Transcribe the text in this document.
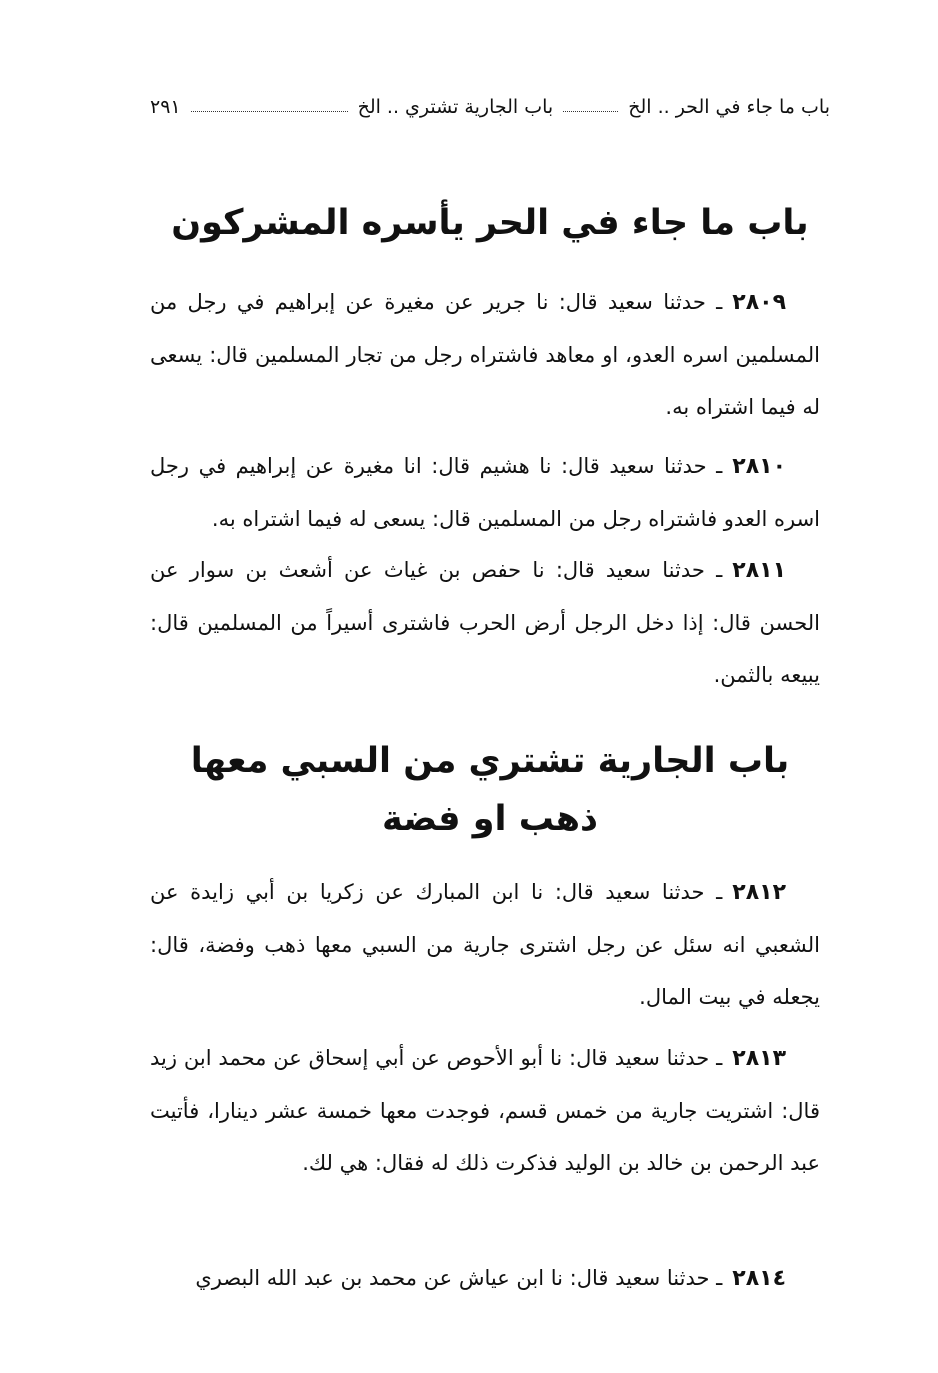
باب ما جاء في الحر .. الخ
باب الجارية تشتري .. الخ
٢٩١
باب ما جاء في الحر يأسره المشركون
٢٨٠٩ـ حدثنا سعيد قال: نا جرير عن مغيرة عن إبراهيم في رجل من المسلمين اسره العدو، او معاهد فاشتراه رجل من تجار المسلمين قال: يسعى له فيما اشتراه به.
٢٨١٠ـ حدثنا سعيد قال: نا هشيم قال: انا مغيرة عن إبراهيم في رجل اسره العدو فاشتراه رجل من المسلمين قال: يسعى له فيما اشتراه به.
٢٨١١ـ حدثنا سعيد قال: نا حفص بن غياث عن أشعث بن سوار عن الحسن قال: إذا دخل الرجل أرض الحرب فاشترى أسيراً من المسلمين قال: يبيعه بالثمن.
باب الجارية تشتري من السبي معها
ذهب او فضة
٢٨١٢ـ حدثنا سعيد قال: نا ابن المبارك عن زكريا بن أبي زايدة عن الشعبي انه سئل عن رجل اشترى جارية من السبي معها ذهب وفضة، قال: يجعله في بيت المال.
٢٨١٣ـ حدثنا سعيد قال: نا أبو الأحوص عن أبي إسحاق عن محمد ابن زيد قال: اشتريت جارية من خمس قسم، فوجدت معها خمسة عشر دينارا، فأتيت عبد الرحمن بن خالد بن الوليد فذكرت ذلك له فقال: هي لك.
٢٨١٤ـ حدثنا سعيد قال: نا ابن عياش عن محمد بن عبد الله البصري
